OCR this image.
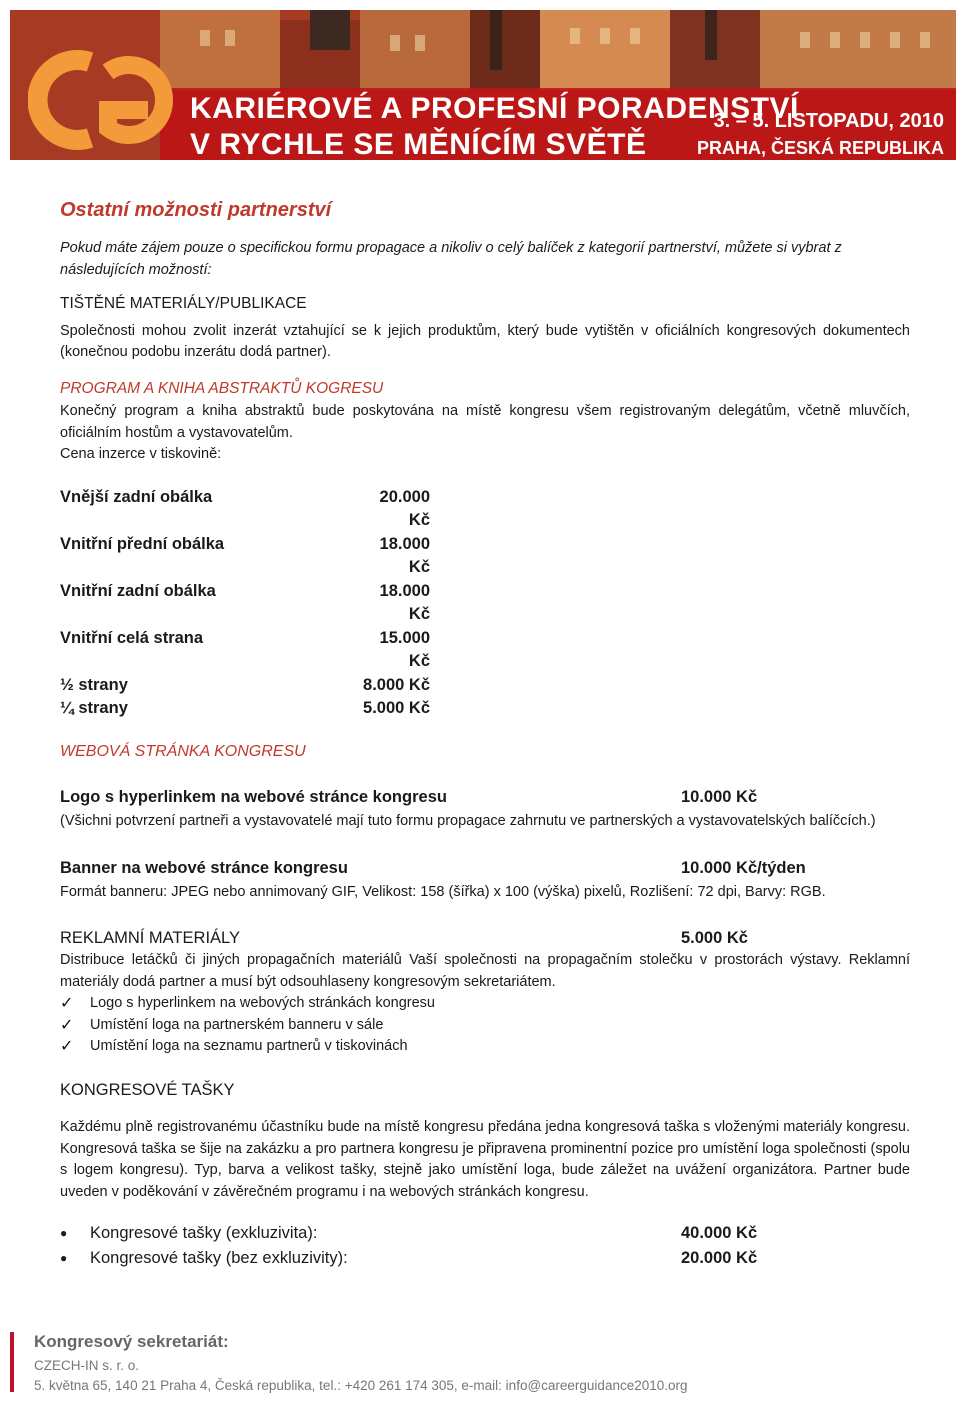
KARIÉROVÉ A PROFESNÍ PORADENSTVÍ
V RYCHLE SE MĚNÍCÍM SVĚTĚ
3. – 5. LISTOPADU, 2010
PRAHA, ČESKÁ REPUBLIKA
Ostatní možnosti partnerství

Pokud máte zájem pouze o specifickou formu propagace a nikoliv o celý balíček z kategorií partnerství, můžete si vybrat z následujících možností:

TIŠTĚNÉ MATERIÁLY/PUBLIKACE

Společnosti mohou zvolit inzerát vztahující se k jejich produktům, který bude vytištěn v oficiálních kongresových dokumentech (konečnou podobu inzerátu dodá partner).

PROGRAM A KNIHA ABSTRAKTŮ KOGRESU

Konečný program a kniha abstraktů bude poskytována na místě kongresu všem registrovaným delegátům, včetně mluvčích, oficiálním hostům a vystavovatelům.

Cena inzerce v tiskovině:
Vnější zadní obálka	20.000 Kč
Vnitřní přední obálka	18.000 Kč
Vnitřní zadní obálka	18.000 Kč
Vnitřní celá strana	15.000 Kč
½ strany	8.000 Kč
¼ strany	5.000 Kč
WEBOVÁ STRÁNKA KONGRESU
Logo s hyperlinkem na webové stránce kongresu	10.000 Kč

(Všichni potvrzení partneři a vystavovatelé mají tuto formu propagace zahrnutu ve partnerských a vystavovatelských balíčcích.)

Banner na webové stránce kongresu	10.000 Kč/týden

Formát banneru: JPEG nebo annimovaný GIF, Velikost: 158 (šířka) x 100 (výška) pixelů, Rozlišení: 72 dpi, Barvy: RGB.

REKLAMNÍ MATERIÁLY	5.000 Kč

Distribuce letáčků či jiných propagačních materiálů Vaší společnosti na propagačním stolečku v prostorách výstavy. Reklamní materiály dodá partner a musí být odsouhlaseny kongresovým sekretariátem.

✓	Logo s hyperlinkem na webových stránkách kongresu
✓	Umístění loga na partnerském banneru v sále
✓	Umístění loga na seznamu partnerů v tiskovinách
KONGRESOVÉ TAŠKY

Každému plně registrovanému účastníku bude na místě kongresu předána jedna kongresová taška s vloženými materiály kongresu. Kongresová taška se šije na zakázku a pro partnera kongresu je připravena prominentní pozice pro umístění loga společnosti (spolu s logem kongresu). Typ, barva a velikost tašky, stejně jako umístění loga, bude záležet na uvážení organizátora. Partner bude uveden v poděkování v závěrečném programu i na webových stránkách kongresu.

●	Kongresové tašky (exkluzivita):	40.000 Kč
●	Kongresové tašky (bez exkluzivity):	20.000 Kč
Kongresový sekretariát:
CZECH-IN s. r. o.
5. května 65, 140 21 Praha 4, Česká republika, tel.: +420 261 174 305, e-mail: info@careerguidance2010.org
